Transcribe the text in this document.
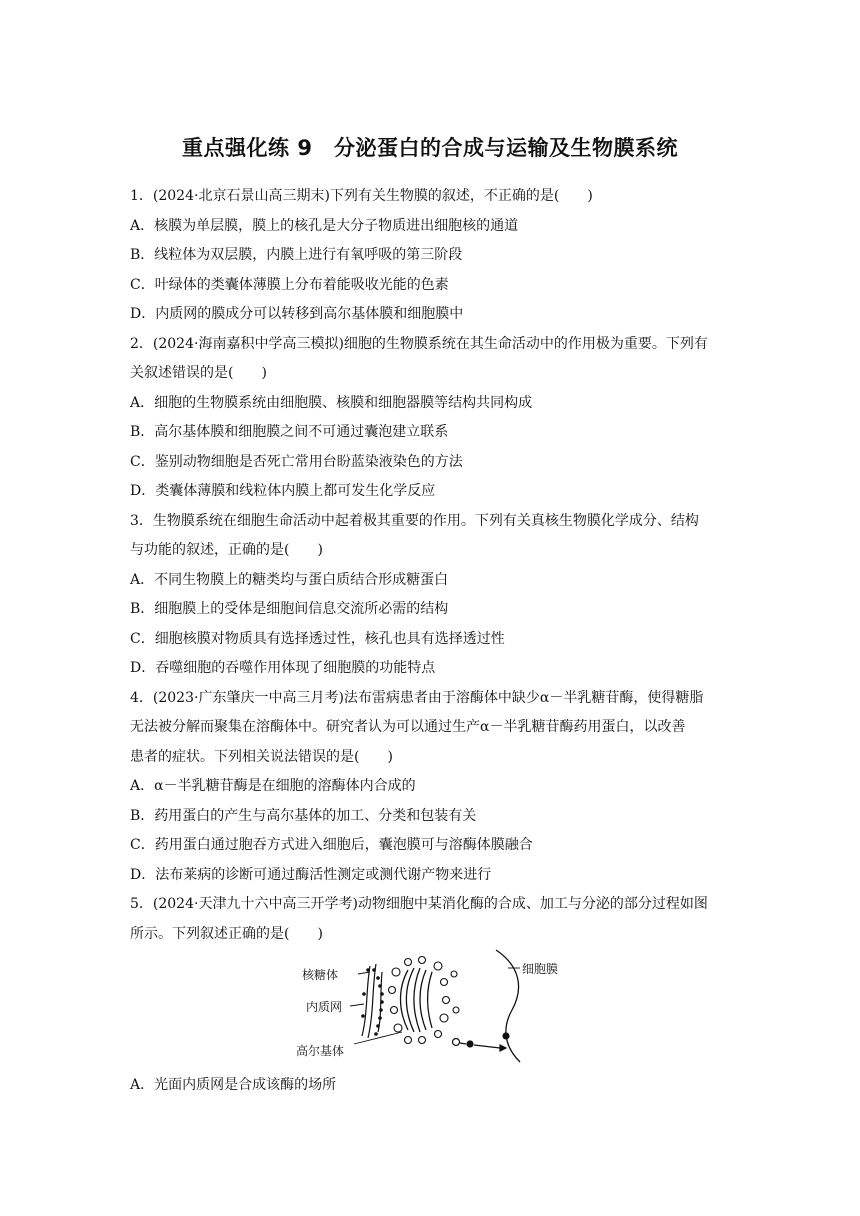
重点强化练 9　分泌蛋白的合成与运输及生物膜系统
1．(2024·北京石景山高三期末)下列有关生物膜的叙述，不正确的是(　　)
A．核膜为单层膜，膜上的核孔是大分子物质进出细胞核的通道
B．线粒体为双层膜，内膜上进行有氧呼吸的第三阶段
C．叶绿体的类囊体薄膜上分布着能吸收光能的色素
D．内质网的膜成分可以转移到高尔基体膜和细胞膜中
2．(2024·海南嘉积中学高三模拟)细胞的生物膜系统在其生命活动中的作用极为重要。下列有
关叙述错误的是(　　)
A．细胞的生物膜系统由细胞膜、核膜和细胞器膜等结构共同构成
B．高尔基体膜和细胞膜之间不可通过囊泡建立联系
C．鉴别动物细胞是否死亡常用台盼蓝染液染色的方法
D．类囊体薄膜和线粒体内膜上都可发生化学反应
3．生物膜系统在细胞生命活动中起着极其重要的作用。下列有关真核生物膜化学成分、结构
与功能的叙述，正确的是(　　)
A．不同生物膜上的糖类均与蛋白质结合形成糖蛋白
B．细胞膜上的受体是细胞间信息交流所必需的结构
C．细胞核膜对物质具有选择透过性，核孔也具有选择透过性
D．吞噬细胞的吞噬作用体现了细胞膜的功能特点
4．(2023·广东肇庆一中高三月考)法布雷病患者由于溶酶体中缺少α－半乳糖苷酶，使得糖脂
无法被分解而聚集在溶酶体中。研究者认为可以通过生产α－半乳糖苷酶药用蛋白，以改善
患者的症状。下列相关说法错误的是(　　)
A．α－半乳糖苷酶是在细胞的溶酶体内合成的
B．药用蛋白的产生与高尔基体的加工、分类和包装有关
C．药用蛋白通过胞吞方式进入细胞后，囊泡膜可与溶酶体膜融合
D．法布莱病的诊断可通过酶活性测定或测代谢产物来进行
5．(2024·天津九十六中高三开学考)动物细胞中某消化酶的合成、加工与分泌的部分过程如图
所示。下列叙述正确的是(　　)
核糖体
内质网
高尔基体
细胞膜
A．光面内质网是合成该酶的场所
